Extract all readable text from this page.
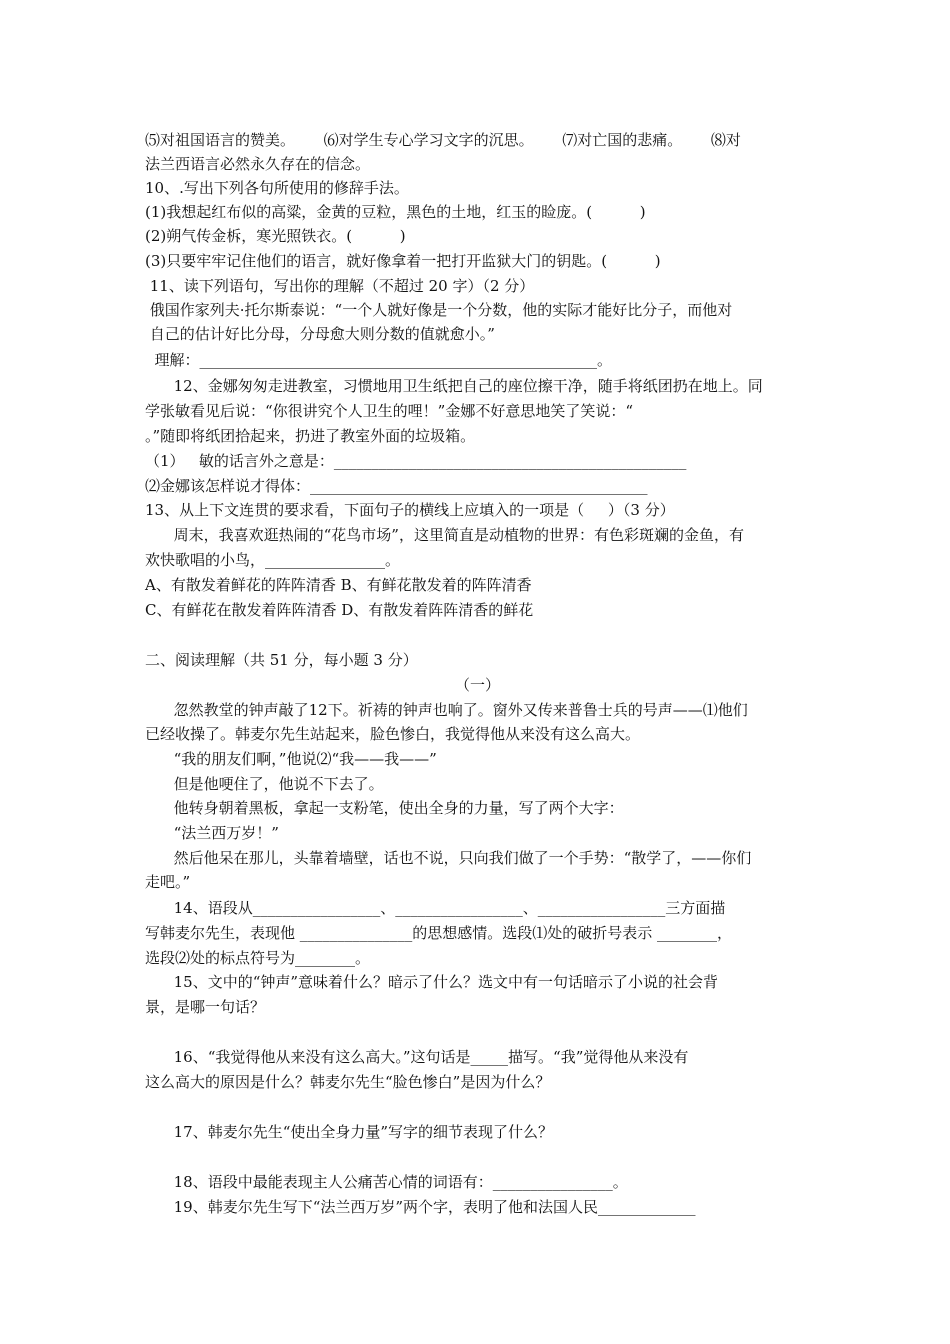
⑸对祖国语言的赞美。      ⑹对学生专心学习文字的沉思。      ⑺对亡国的悲痛。      ⑻对
法兰西语言必然永久存在的信念。
10、.写出下列各句所使用的修辞手法。
(1)我想起红布似的高粱，金黄的豆粒，黑色的土地，红玉的睑庞。(          )
(2)朔气传金柝，寒光照铁衣。(          )
(3)只要牢牢记住他们的语言，就好像拿着一把打开监狱大门的钥匙。(          )
11、读下列语句，写出你的理解（不超过 20 字）（2 分）
俄国作家列夫·托尔斯泰说：“一个人就好像是一个分数，他的实际才能好比分子，而他对
自己的估计好比分母，分母愈大则分数的值就愈小。”
理解：_____________________________________________________。
12、金娜匆匆走进教室，习惯地用卫生纸把自己的座位擦干净，随手将纸团扔在地上。同
学张敏看见后说：“你很讲究个人卫生的哩！”金娜不好意思地笑了笑说：“
。”随即将纸团拾起来，扔进了教室外面的垃圾箱。
（1）   敏的话言外之意是：_______________________________________________
⑵金娜该怎样说才得体：_____________________________________________
13、从上下文连贯的要求看，下面句子的横线上应填入的一项是（     ）（3 分）
周末，我喜欢逛热闹的“花鸟市场”，这里简直是动植物的世界：有色彩斑斓的金鱼，有
欢快歌唱的小鸟，________________。
A、有散发着鲜花的阵阵清香 B、有鲜花散发着的阵阵清香
C、有鲜花在散发着阵阵清香 D、有散发着阵阵清香的鲜花
二、阅读理解（共 51 分，每小题 3 分）
（一）
忽然教堂的钟声敲了12下。祈祷的钟声也响了。窗外又传来普鲁士兵的号声——⑴他们
已经收操了。韩麦尔先生站起来，脸色惨白，我觉得他从来没有这么高大。
“我的朋友们啊，”他说⑵“我——我——”
但是他哽住了，他说不下去了。
他转身朝着黑板，拿起一支粉笔，使出全身的力量，写了两个大字：
“法兰西万岁！”
然后他呆在那儿，头靠着墙壁，话也不说，只向我们做了一个手势：“散学了，——你们
走吧。”
14、语段从_________________、_________________、_________________三方面描
写韩麦尔先生，表现他 _______________的思想感情。选段⑴处的破折号表示 ________，
选段⑵处的标点符号为________。
15、文中的“钟声”意味着什么？暗示了什么？选文中有一句话暗示了小说的社会背
景，是哪一句话？
16、“我觉得他从来没有这么高大。”这句话是_____描写。“我”觉得他从来没有
这么高大的原因是什么？韩麦尔先生“脸色惨白”是因为什么？
17、韩麦尔先生“使出全身力量”写字的细节表现了什么？
18、语段中最能表现主人公痛苦心情的词语有：________________。
19、韩麦尔先生写下“法兰西万岁”两个字，表明了他和法国人民_____________
